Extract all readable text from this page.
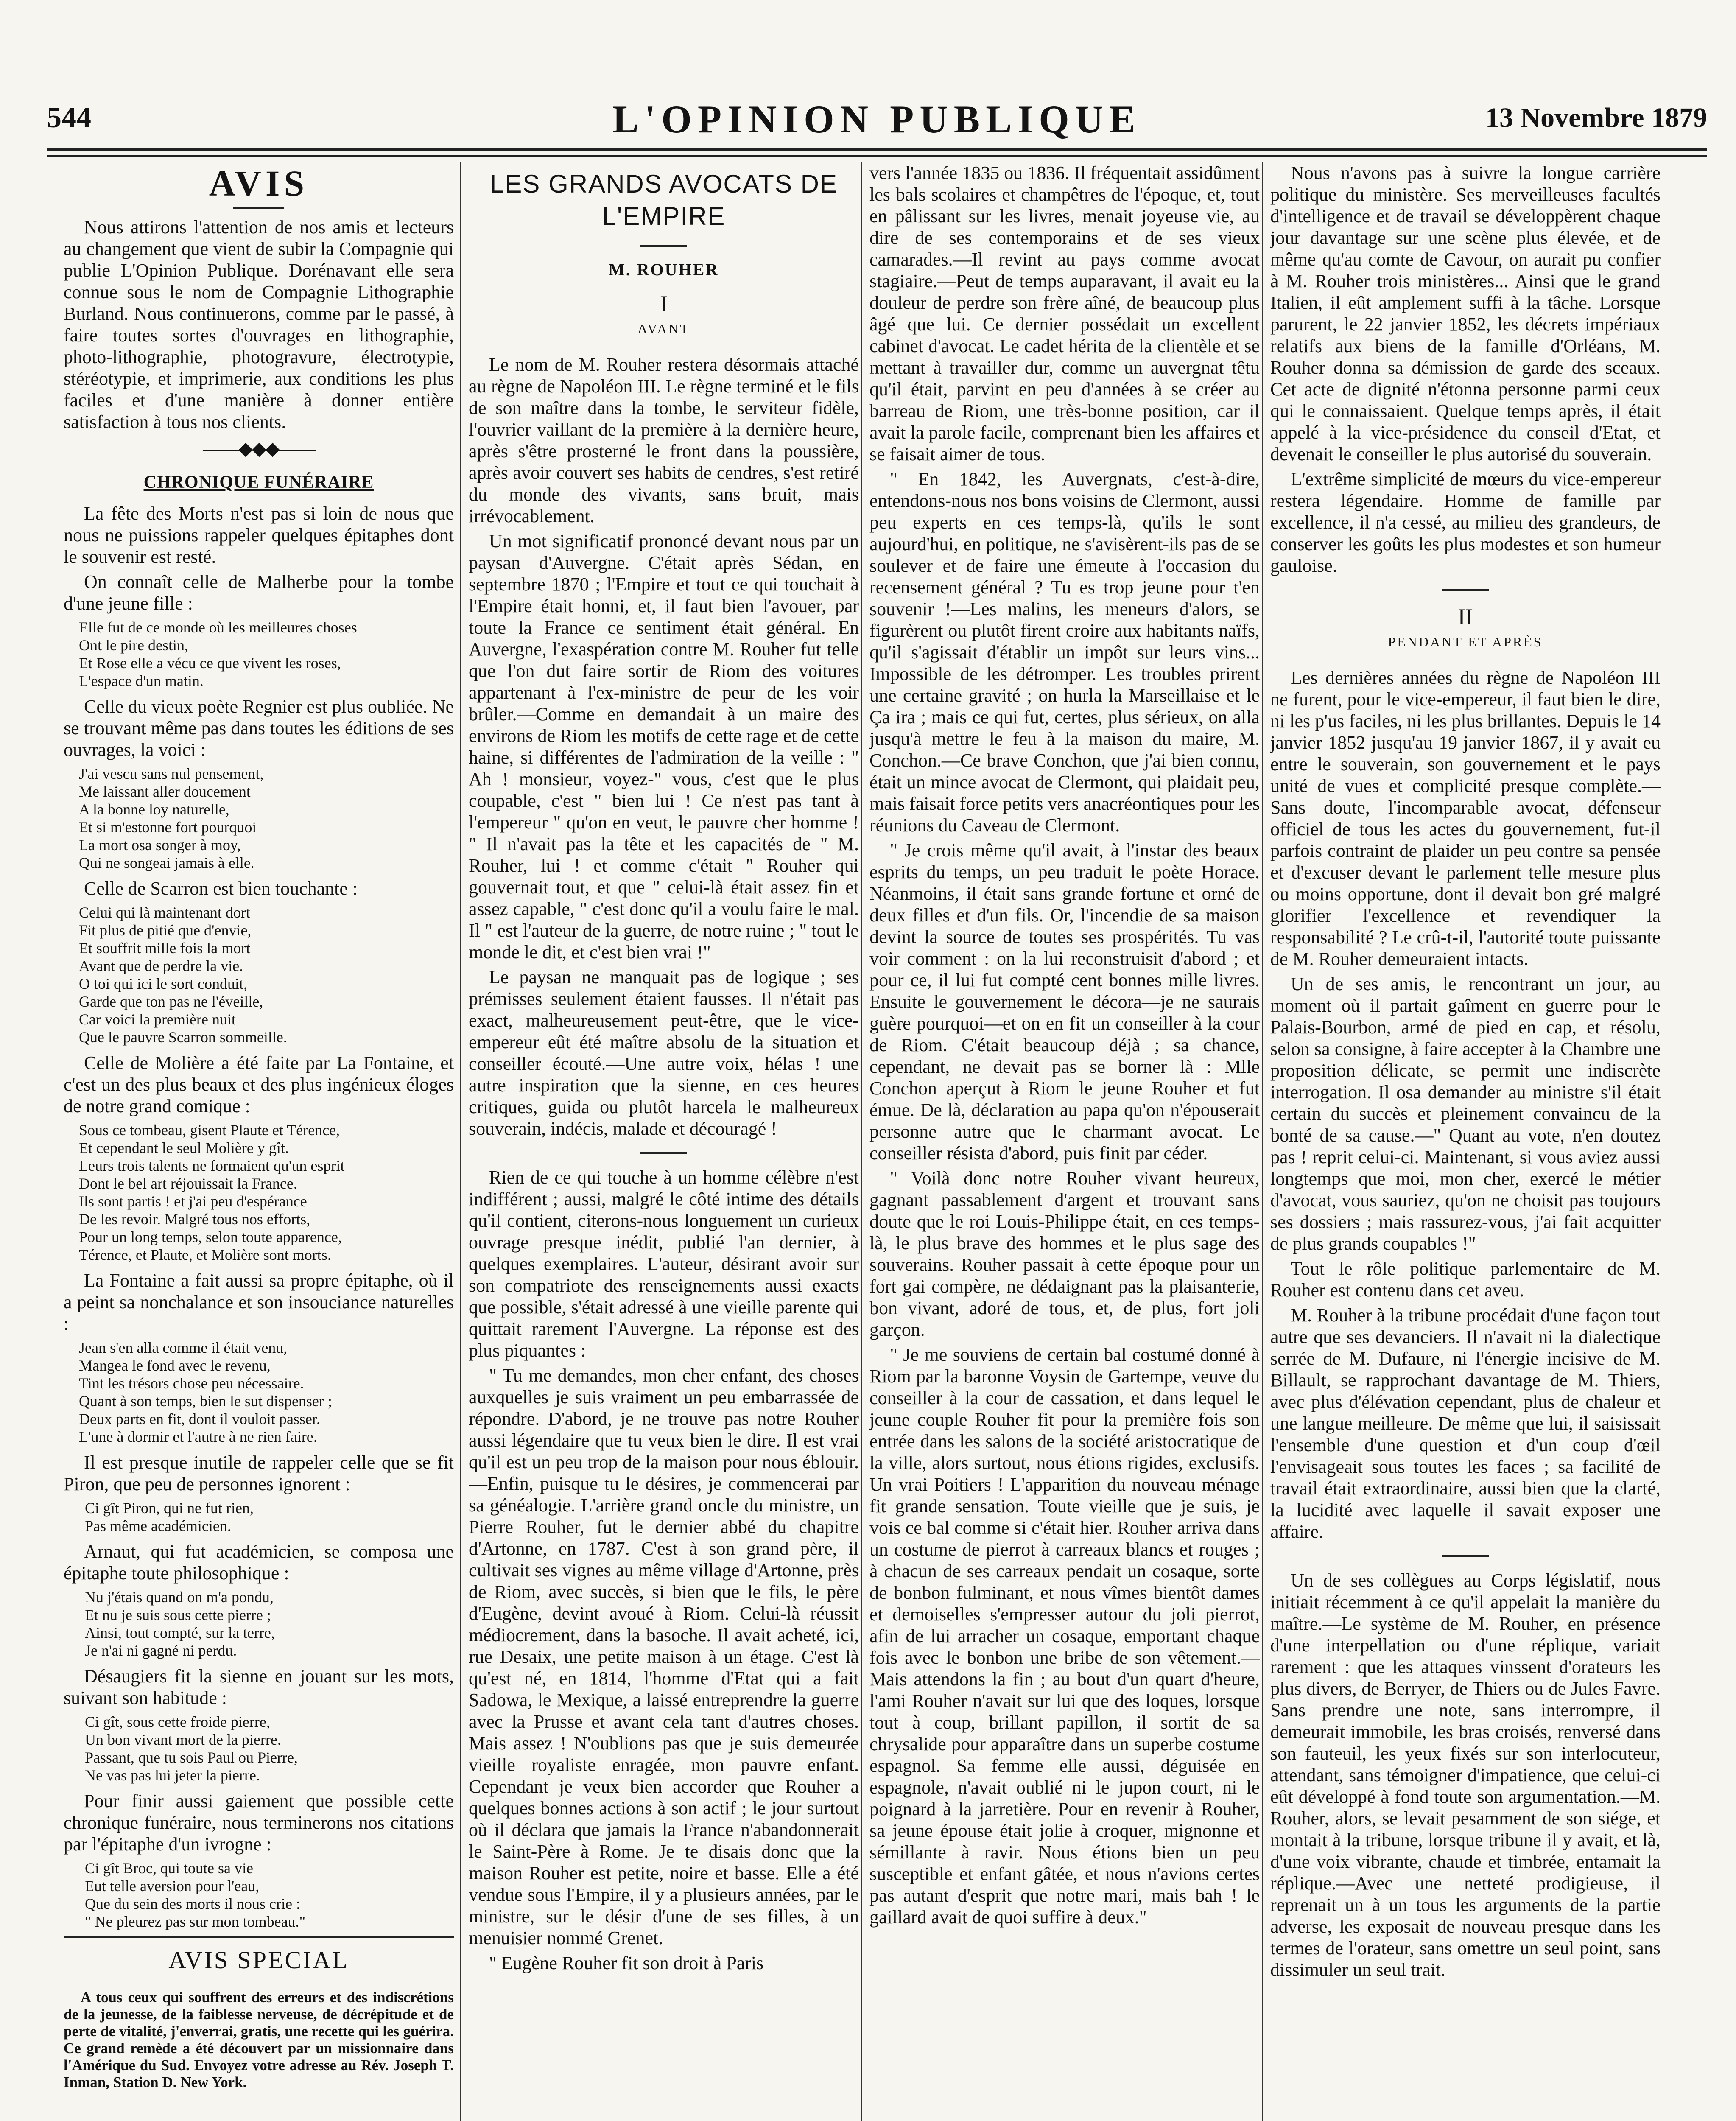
544	L'OPINION PUBLIQUE	13 Novembre 1879
AVIS

Nous attirons l'attention de nos amis et lecteurs au changement que vient de subir la Compagnie qui publie L'Opinion Publique. Dorénavant elle sera connue sous le nom de Compagnie Lithographie Burland. Nous continuerons, comme par le passé, à faire toutes sortes d'ouvrages en lithographie, photo-lithographie, photogravure, électrotypie, stéréotypie, et imprimerie, aux conditions les plus faciles et d'une manière à donner entière satisfaction à tous nos clients.

——◆◆◆——
CHRONIQUE FUNÉRAIRE

La fête des Morts n'est pas si loin de nous que nous ne puissions rappeler quelques épitaphes dont le souvenir est resté.

On connaît celle de Malherbe pour la tombe d'une jeune fille :

Elle fut de ce monde où les meilleures choses
Ont le pire destin,
Et Rose elle a vécu ce que vivent les roses,
L'espace d'un matin.

Celle du vieux poète Regnier est plus oubliée. Ne se trouvant même pas dans toutes les éditions de ses ouvrages, la voici :

J'ai vescu sans nul pensement,
Me laissant aller doucement
A la bonne loy naturelle,
Et si m'estonne fort pourquoi
La mort osa songer à moy,
Qui ne songeai jamais à elle.

Celle de Scarron est bien touchante :

Celui qui là maintenant dort
Fit plus de pitié que d'envie,
Et souffrit mille fois la mort
Avant que de perdre la vie.
O toi qui ici le sort conduit,
Garde que ton pas ne l'éveille,
Car voici la première nuit
Que le pauvre Scarron sommeille.

Celle de Molière a été faite par La Fontaine, et c'est un des plus beaux et des plus ingénieux éloges de notre grand comique :

Sous ce tombeau, gisent Plaute et Térence,
Et cependant le seul Molière y gît.
Leurs trois talents ne formaient qu'un esprit
Dont le bel art réjouissait la France.
Ils sont partis ! et j'ai peu d'espérance
De les revoir. Malgré tous nos efforts,
Pour un long temps, selon toute apparence,
Térence, et Plaute, et Molière sont morts.

La Fontaine a fait aussi sa propre épitaphe, où il a peint sa nonchalance et son insouciance naturelles :

Jean s'en alla comme il était venu,
Mangea le fond avec le revenu,
Tint les trésors chose peu nécessaire.
Quant à son temps, bien le sut dispenser ;
Deux parts en fit, dont il vouloit passer.
L'une à dormir et l'autre à ne rien faire.

Il est presque inutile de rappeler celle que se fit Piron, que peu de personnes ignorent :

Ci gît Piron, qui ne fut rien,
Pas même académicien.

Arnaut, qui fut académicien, se composa une épitaphe toute philosophique :

Nu j'étais quand on m'a pondu,
Et nu je suis sous cette pierre ;
Ainsi, tout compté, sur la terre,
Je n'ai ni gagné ni perdu.

Désaugiers fit la sienne en jouant sur les mots, suivant son habitude :

Ci gît, sous cette froide pierre,
Un bon vivant mort de la pierre.
Passant, que tu sois Paul ou Pierre,
Ne vas pas lui jeter la pierre.

Pour finir aussi gaiement que possible cette chronique funéraire, nous terminerons nos citations par l'épitaphe d'un ivrogne :

Ci gît Broc, qui toute sa vie
Eut telle aversion pour l'eau,
Que du sein des morts il nous crie :
" Ne pleurez pas sur mon tombeau."
AVIS SPECIAL

A tous ceux qui souffrent des erreurs et des indiscrétions de la jeunesse, de la faiblesse nerveuse, de décrépitude et de perte de vitalité, j'enverrai, gratis, une recette qui les guérira. Ce grand remède a été découvert par un missionnaire dans l'Amérique du Sud. Envoyez votre adresse au Rév. Joseph T. Inman, Station D. New York.

LES GRANDS AVOCATS DE L'EMPIRE
M. ROUHER
I
AVANT

Le nom de M. Rouher restera désormais attaché au règne de Napoléon III. Le règne terminé et le fils de son maître dans la tombe, le serviteur fidèle, l'ouvrier vaillant de la première à la dernière heure, après s'être prosterné le front dans la poussière, après avoir couvert ses habits de cendres, s'est retiré du monde des vivants, sans bruit, mais irrévocablement.

Un mot significatif prononcé devant nous par un paysan d'Auvergne. C'était après Sédan, en septembre 1870 ; l'Empire et tout ce qui touchait à l'Empire était honni, et, il faut bien l'avouer, par toute la France ce sentiment était général. En Auvergne, l'exaspération contre M. Rouher fut telle que l'on dut faire sortir de Riom des voitures appartenant à l'ex-ministre de peur de les voir brûler.—Comme en demandait à un maire des environs de Riom les motifs de cette rage et de cette haine, si différentes de l'admiration de la veille : " Ah ! monsieur, voyez-" vous, c'est que le plus coupable, c'est " bien lui ! Ce n'est pas tant à l'empereur " qu'on en veut, le pauvre cher homme ! " Il n'avait pas la tête et les capacités de " M. Rouher, lui ! et comme c'était " Rouher qui gouvernait tout, et que " celui-là était assez fin et assez capable, " c'est donc qu'il a voulu faire le mal. Il " est l'auteur de la guerre, de notre ruine ; " tout le monde le dit, et c'est bien vrai !"

Le paysan ne manquait pas de logique ; ses prémisses seulement étaient fausses. Il n'était pas exact, malheureusement peut-être, que le vice-empereur eût été maître absolu de la situation et conseiller écouté.—Une autre voix, hélas ! une autre inspiration que la sienne, en ces heures critiques, guida ou plutôt harcela le malheureux souverain, indécis, malade et découragé !

Rien de ce qui touche à un homme célèbre n'est indifférent ; aussi, malgré le côté intime des détails qu'il contient, citerons-nous longuement un curieux ouvrage presque inédit, publié l'an dernier, à quelques exemplaires. L'auteur, désirant avoir sur son compatriote des renseignements aussi exacts que possible, s'était adressé à une vieille parente qui quittait rarement l'Auvergne. La réponse est des plus piquantes :

" Tu me demandes, mon cher enfant, des choses auxquelles je suis vraiment un peu embarrassée de répondre. D'abord, je ne trouve pas notre Rouher aussi légendaire que tu veux bien le dire. Il est vrai qu'il est un peu trop de la maison pour nous éblouir.—Enfin, puisque tu le désires, je commencerai par sa généalogie. L'arrière grand oncle du ministre, un Pierre Rouher, fut le dernier abbé du chapitre d'Artonne, en 1787. C'est à son grand père, il cultivait ses vignes au même village d'Artonne, près de Riom, avec succès, si bien que le fils, le père d'Eugène, devint avoué à Riom. Celui-là réussit médiocrement, dans la basoche. Il avait acheté, ici, rue Desaix, une petite maison à un étage. C'est là qu'est né, en 1814, l'homme d'Etat qui a fait Sadowa, le Mexique, a laissé entreprendre la guerre avec la Prusse et avant cela tant d'autres choses. Mais assez ! N'oublions pas que je suis demeurée vieille royaliste enragée, mon pauvre enfant. Cependant je veux bien accorder que Rouher a quelques bonnes actions à son actif ; le jour surtout où il déclara que jamais la France n'abandonnerait le Saint-Père à Rome. Je te disais donc que la maison Rouher est petite, noire et basse. Elle a été vendue sous l'Empire, il y a plusieurs années, par le ministre, sur le désir d'une de ses filles, à un menuisier nommé Grenet.

" Eugène Rouher fit son droit à Paris

vers l'année 1835 ou 1836. Il fréquentait assidûment les bals scolaires et champêtres de l'époque, et, tout en pâlissant sur les livres, menait joyeuse vie, au dire de ses contemporains et de ses vieux camarades.—Il revint au pays comme avocat stagiaire.—Peut de temps auparavant, il avait eu la douleur de perdre son frère aîné, de beaucoup plus âgé que lui. Ce dernier possédait un excellent cabinet d'avocat. Le cadet hérita de la clientèle et se mettant à travailler dur, comme un auvergnat têtu qu'il était, parvint en peu d'années à se créer au barreau de Riom, une très-bonne position, car il avait la parole facile, comprenant bien les affaires et se faisait aimer de tous.

" En 1842, les Auvergnats, c'est-à-dire, entendons-nous nos bons voisins de Clermont, aussi peu experts en ces temps-là, qu'ils le sont aujourd'hui, en politique, ne s'avisèrent-ils pas de se soulever et de faire une émeute à l'occasion du recensement général ? Tu es trop jeune pour t'en souvenir !—Les malins, les meneurs d'alors, se figurèrent ou plutôt firent croire aux habitants naïfs, qu'il s'agissait d'établir un impôt sur leurs vins... Impossible de les détromper. Les troubles prirent une certaine gravité ; on hurla la Marseillaise et le Ça ira ; mais ce qui fut, certes, plus sérieux, on alla jusqu'à mettre le feu à la maison du maire, M. Conchon.—Ce brave Conchon, que j'ai bien connu, était un mince avocat de Clermont, qui plaidait peu, mais faisait force petits vers anacréontiques pour les réunions du Caveau de Clermont.

" Je crois même qu'il avait, à l'instar des beaux esprits du temps, un peu traduit le poète Horace. Néanmoins, il était sans grande fortune et orné de deux filles et d'un fils. Or, l'incendie de sa maison devint la source de toutes ses prospérités. Tu vas voir comment : on la lui reconstruisit d'abord ; et pour ce, il lui fut compté cent bonnes mille livres. Ensuite le gouvernement le décora—je ne saurais guère pourquoi—et on en fit un conseiller à la cour de Riom. C'était beaucoup déjà ; sa chance, cependant, ne devait pas se borner là : Mlle Conchon aperçut à Riom le jeune Rouher et fut émue. De là, déclaration au papa qu'on n'épouserait personne autre que le charmant avocat. Le conseiller résista d'abord, puis finit par céder.

" Voilà donc notre Rouher vivant heureux, gagnant passablement d'argent et trouvant sans doute que le roi Louis-Philippe était, en ces temps-là, le plus brave des hommes et le plus sage des souverains. Rouher passait à cette époque pour un fort gai compère, ne dédaignant pas la plaisanterie, bon vivant, adoré de tous, et, de plus, fort joli garçon.

" Je me souviens de certain bal costumé donné à Riom par la baronne Voysin de Gartempe, veuve du conseiller à la cour de cassation, et dans lequel le jeune couple Rouher fit pour la première fois son entrée dans les salons de la société aristocratique de la ville, alors surtout, nous étions rigides, exclusifs. Un vrai Poitiers ! L'apparition du nouveau ménage fit grande sensation. Toute vieille que je suis, je vois ce bal comme si c'était hier. Rouher arriva dans un costume de pierrot à carreaux blancs et rouges ; à chacun de ses carreaux pendait un cosaque, sorte de bonbon fulminant, et nous vîmes bientôt dames et demoiselles s'empresser autour du joli pierrot, afin de lui arracher un cosaque, emportant chaque fois avec le bonbon une bribe de son vêtement.—Mais attendons la fin ; au bout d'un quart d'heure, l'ami Rouher n'avait sur lui que des loques, lorsque tout à coup, brillant papillon, il sortit de sa chrysalide pour apparaître dans un superbe costume espagnol. Sa femme elle aussi, déguisée en espagnole, n'avait oublié ni le jupon court, ni le poignard à la jarretière. Pour en revenir à Rouher, sa jeune épouse était jolie à croquer, mignonne et sémillante à ravir. Nous étions bien un peu susceptible et enfant gâtée, et nous n'avions certes pas autant d'esprit que notre mari, mais bah ! le gaillard avait de quoi suffire à deux."

Nous n'avons pas à suivre la longue carrière politique du ministère. Ses merveilleuses facultés d'intelligence et de travail se développèrent chaque jour davantage sur une scène plus élevée, et de même qu'au comte de Cavour, on aurait pu confier à M. Rouher trois ministères... Ainsi que le grand Italien, il eût amplement suffi à la tâche. Lorsque parurent, le 22 janvier 1852, les décrets impériaux relatifs aux biens de la famille d'Orléans, M. Rouher donna sa démission de garde des sceaux. Cet acte de dignité n'étonna personne parmi ceux qui le connaissaient. Quelque temps après, il était appelé à la vice-présidence du conseil d'Etat, et devenait le conseiller le plus autorisé du souverain.

L'extrême simplicité de mœurs du vice-empereur restera légendaire. Homme de famille par excellence, il n'a cessé, au milieu des grandeurs, de conserver les goûts les plus modestes et son humeur gauloise.

II
PENDANT ET APRÈS

Les dernières années du règne de Napoléon III ne furent, pour le vice-empereur, il faut bien le dire, ni les p'us faciles, ni les plus brillantes. Depuis le 14 janvier 1852 jusqu'au 19 janvier 1867, il y avait eu entre le souverain, son gouvernement et le pays unité de vues et complicité presque complète.—Sans doute, l'incomparable avocat, défenseur officiel de tous les actes du gouvernement, fut-il parfois contraint de plaider un peu contre sa pensée et d'excuser devant le parlement telle mesure plus ou moins opportune, dont il devait bon gré malgré glorifier l'excellence et revendiquer la responsabilité ? Le crû-t-il, l'autorité toute puissante de M. Rouher demeuraient intacts.

Un de ses amis, le rencontrant un jour, au moment où il partait gaîment en guerre pour le Palais-Bourbon, armé de pied en cap, et résolu, selon sa consigne, à faire accepter à la Chambre une proposition délicate, se permit une indiscrète interrogation. Il osa demander au ministre s'il était certain du succès et pleinement convaincu de la bonté de sa cause.—" Quant au vote, n'en doutez pas ! reprit celui-ci. Maintenant, si vous aviez aussi longtemps que moi, mon cher, exercé le métier d'avocat, vous sauriez, qu'on ne choisit pas toujours ses dossiers ; mais rassurez-vous, j'ai fait acquitter de plus grands coupables !"

Tout le rôle politique parlementaire de M. Rouher est contenu dans cet aveu.

M. Rouher à la tribune procédait d'une façon tout autre que ses devanciers. Il n'avait ni la dialectique serrée de M. Dufaure, ni l'énergie incisive de M. Billault, se rapprochant davantage de M. Thiers, avec plus d'élévation cependant, plus de chaleur et une langue meilleure. De même que lui, il saisissait l'ensemble d'une question et d'un coup d'œil l'envisageait sous toutes les faces ; sa facilité de travail était extraordinaire, aussi bien que la clarté, la lucidité avec laquelle il savait exposer une affaire.

Un de ses collègues au Corps législatif, nous initiait récemment à ce qu'il appelait la manière du maître.—Le système de M. Rouher, en présence d'une interpellation ou d'une réplique, variait rarement : que les attaques vinssent d'orateurs les plus divers, de Berryer, de Thiers ou de Jules Favre. Sans prendre une note, sans interrompre, il demeurait immobile, les bras croisés, renversé dans son fauteuil, les yeux fixés sur son interlocuteur, attendant, sans témoigner d'impatience, que celui-ci eût développé à fond toute son argumentation.—M. Rouher, alors, se levait pesamment de son siége, et montait à la tribune, lorsque tribune il y avait, et là, d'une voix vibrante, chaude et timbrée, entamait la réplique.—Avec une netteté prodigieuse, il reprenait un à un tous les arguments de la partie adverse, les exposait de nouveau presque dans les termes de l'orateur, sans omettre un seul point, sans dissimuler un seul trait.
